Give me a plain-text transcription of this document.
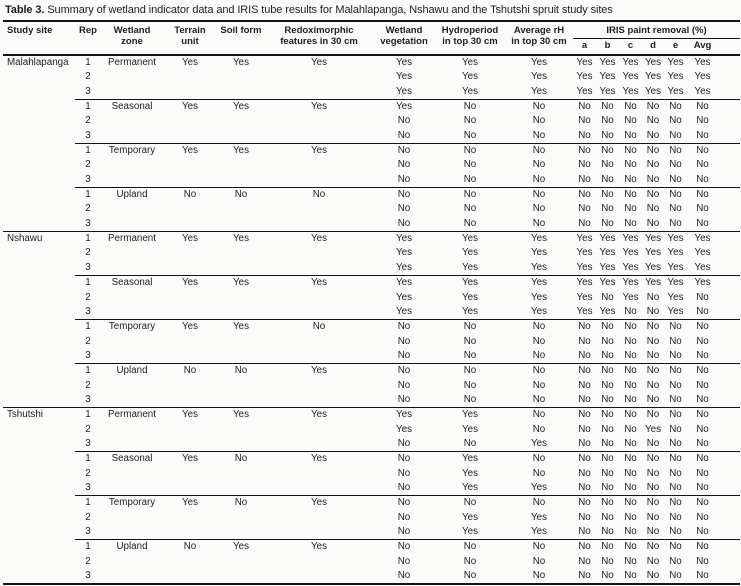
Table 3. Summary of wetland indicator data and IRIS tube results for Malahlapanga, Nshawu and the Tshutshi spruit study sites
Study site	Rep	Wetland zone	Terrain unit	Soil form	Redoximorphic features in 30 cm	Wetland vegetation	Hydroperiod in top 30 cm	Average rH in top 30 cm	IRIS paint removal (%)						
									a	b	c	d	e	Avg	
Malahlapanga	1	Permanent	Yes	Yes	Yes	Yes	Yes	Yes	Yes	Yes	Yes	Yes	Yes	Yes	
	2					Yes	Yes	Yes	Yes	Yes	Yes	Yes	Yes	Yes	
	3					Yes	Yes	Yes	Yes	Yes	Yes	Yes	Yes	Yes	
	1	Seasonal	Yes	Yes	Yes	Yes	No	No	No	No	No	No	No	No	
	2					No	No	No	No	No	No	No	No	No	
	3					No	No	No	No	No	No	No	No	No	
	1	Temporary	Yes	Yes	Yes	No	No	No	No	No	No	No	No	No	
	2					No	No	No	No	No	No	No	No	No	
	3					No	No	No	No	No	No	No	No	No	
	1	Upland	No	No	No	No	No	No	No	No	No	No	No	No	
	2					No	No	No	No	No	No	No	No	No	
	3					No	No	No	No	No	No	No	No	No	
Nshawu	1	Permanent	Yes	Yes	Yes	Yes	Yes	Yes	Yes	Yes	Yes	Yes	Yes	Yes	
	2					Yes	Yes	Yes	Yes	Yes	Yes	Yes	Yes	Yes	
	3					Yes	Yes	Yes	Yes	Yes	Yes	Yes	Yes	Yes	
	1	Seasonal	Yes	Yes	Yes	Yes	Yes	Yes	Yes	Yes	Yes	Yes	Yes	Yes	
	2					Yes	Yes	Yes	Yes	No	Yes	No	Yes	No	
	3					Yes	Yes	Yes	Yes	Yes	No	No	Yes	No	
	1	Temporary	Yes	Yes	No	No	No	No	No	No	No	No	No	No	
	2					No	No	No	No	No	No	No	No	No	
	3					No	No	No	No	No	No	No	No	No	
	1	Upland	No	No	Yes	No	No	No	No	No	No	No	No	No	
	2					No	No	No	No	No	No	No	No	No	
	3					No	No	No	No	No	No	No	No	No	
Tshutshi	1	Permanent	Yes	Yes	Yes	Yes	Yes	No	No	No	No	No	No	No	
	2					Yes	Yes	No	No	No	No	Yes	No	No	
	3					No	No	Yes	No	No	No	No	No	No	
	1	Seasonal	Yes	No	Yes	No	Yes	No	No	No	No	No	No	No	
	2					No	Yes	No	No	No	No	No	No	No	
	3					No	Yes	Yes	No	No	No	No	No	No	
	1	Temporary	Yes	No	Yes	No	No	No	No	No	No	No	No	No	
	2					No	Yes	Yes	No	No	No	No	No	No	
	3					No	Yes	Yes	No	No	No	No	No	No	
	1	Upland	No	Yes	Yes	No	No	No	No	No	No	No	No	No	
	2					No	No	No	No	No	No	No	No	No	
	3					No	No	No	No	No	No	No	No	No	
